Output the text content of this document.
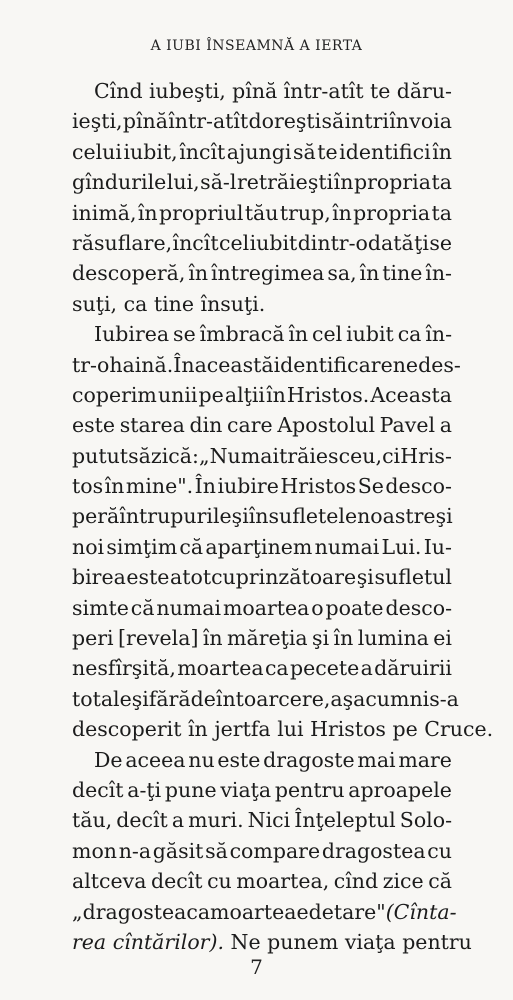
A IUBI ÎNSEAMNĂ A IERTA
Cînd iubeşti, pînă într-atît te dăru-
ieşti, pînă într-atît doreşti să intri în voia
celui iubit, încît ajungi să te identifici în
gîndurile lui, să-l retrăieşti în propria ta
inimă, în propriul tău trup, în propria ta
răsuflare, încît cel iubit dintr-odată ţi se
descoperă, în întregimea sa, în tine în-
suţi, ca tine însuţi.
Iubirea se îmbracă în cel iubit ca în-
tr-o haină. În această identificare ne des-
coperim unii pe alţii în Hristos. Aceasta
este starea din care Apostolul Pavel a
putut să zică: „Nu mai trăiesc eu, ci Hris-
tos în mine". În iubire Hristos Se desco-
peră în trupurile şi în sufletele noastre şi
noi simţim că aparţinem numai Lui. Iu-
birea este atotcuprinzătoare şi sufletul
simte că numai moartea o poate desco-
peri [revela] în măreţia şi în lumina ei
nesfîrşită, moartea ca pecete a dăruirii
totale şi fără de întoarcere, aşa cum ni s-a
descoperit în jertfa lui Hristos pe Cruce.
De aceea nu este dragoste mai mare
decît a-ţi pune viaţa pentru aproapele
tău, decît a muri. Nici Înţeleptul Solo-
mon n-a găsit să compare dragostea cu
altceva decît cu moartea, cînd zice că
„dragostea ca moartea e de tare" (Cînta-
rea cîntărilor). Ne punem viaţa pentru
7
